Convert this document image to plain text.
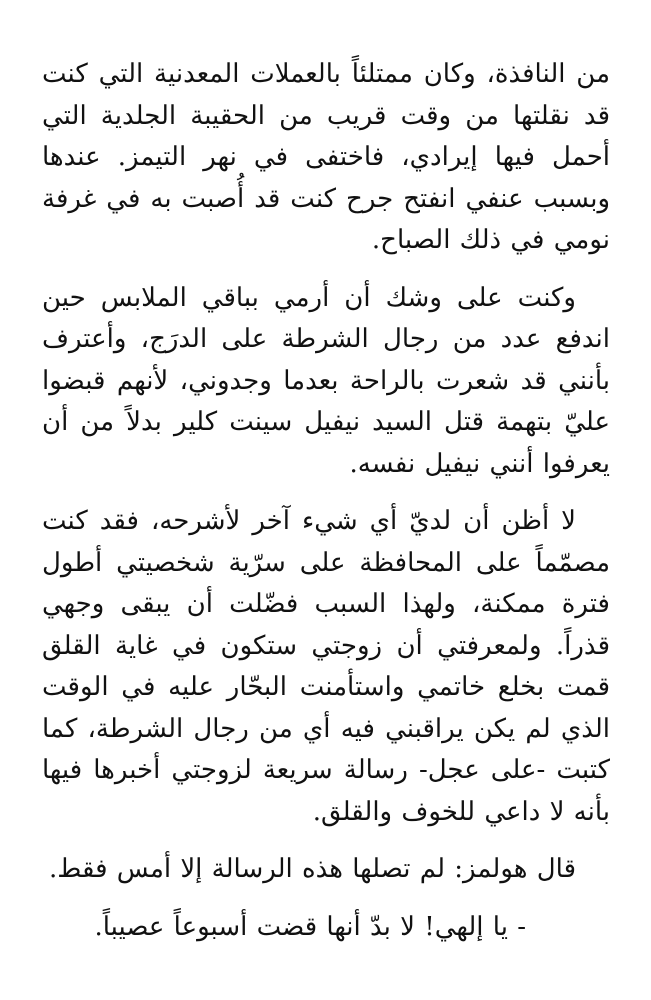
من النافذة، وكان ممتلئاً بالعملات المعدنية التي كنت قد نقلتها من وقت قريب من الحقيبة الجلدية التي أحمل فيها إيرادي، فاختفى في نهر التيمز. عندها وبسبب عنفي انفتح جرح كنت قد أُصبت به في غرفة نومي في ذلك الصباح.

وكنت على وشك أن أرمي بباقي الملابس حين اندفع عدد من رجال الشرطة على الدرَج، وأعترف بأنني قد شعرت بالراحة بعدما وجدوني، لأنهم قبضوا عليّ بتهمة قتل السيد نيفيل سينت كلير بدلاً من أن يعرفوا أنني نيفيل نفسه.

لا أظن أن لديّ أي شيء آخر لأشرحه، فقد كنت مصمّماً على المحافظة على سرّية شخصيتي أطول فترة ممكنة، ولهذا السبب فضّلت أن يبقى وجهي قذراً. ولمعرفتي أن زوجتي ستكون في غاية القلق قمت بخلع خاتمي واستأمنت البحّار عليه في الوقت الذي لم يكن يراقبني فيه أي من رجال الشرطة، كما كتبت -على عجل- رسالة سريعة لزوجتي أخبرها فيها بأنه لا داعي للخوف والقلق.

قال هولمز: لم تصلها هذه الرسالة إلا أمس فقط.

- يا إلهي! لا بدّ أنها قضت أسبوعاً عصيباً.
